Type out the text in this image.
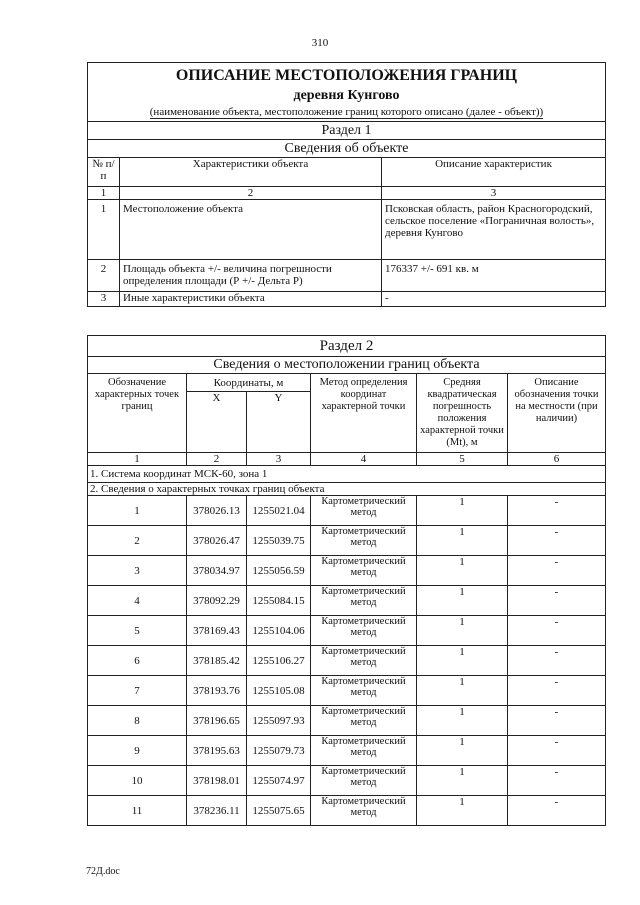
310
ОПИСАНИЕ МЕСТОПОЛОЖЕНИЯ ГРАНИЦ
деревня Кунгово
(наименование объекта, местоположение границ которого описано (далее - объект))		
Раздел 1		
Сведения об объекте		
№ п/п	Характеристики объекта	Описание характеристик
1	2	3
1	Местоположение объекта	Псковская область, район Красногородский, сельское поселение «Пограничная волость», деревня Кунгово
2	Площадь объекта +/- величина погрешности определения площади (Р +/- Дельта Р)	176337 +/- 691 кв. м
3	Иные характеристики объекта	-
Раздел 2					
Сведения о местоположении границ объекта					
Обозначение характерных точек границ	Координаты, м		Метод определения координат характерной точки	Средняя квадратическая погрешность положения характерной точки (Mt), м	Описание обозначения точки на местности (при наличии)
	X	Y			
1	2	3	4	5	6
1. Система координат МСК-60, зона 1					
2. Сведения о характерных точках границ объекта					
1	378026.13	1255021.04	Картометрический метод	1	-
2	378026.47	1255039.75	Картометрический метод	1	-
3	378034.97	1255056.59	Картометрический метод	1	-
4	378092.29	1255084.15	Картометрический метод	1	-
5	378169.43	1255104.06	Картометрический метод	1	-
6	378185.42	1255106.27	Картометрический метод	1	-
7	378193.76	1255105.08	Картометрический метод	1	-
8	378196.65	1255097.93	Картометрический метод	1	-
9	378195.63	1255079.73	Картометрический метод	1	-
10	378198.01	1255074.97	Картометрический метод	1	-
11	378236.11	1255075.65	Картометрический метод	1	-
72Д.doc
